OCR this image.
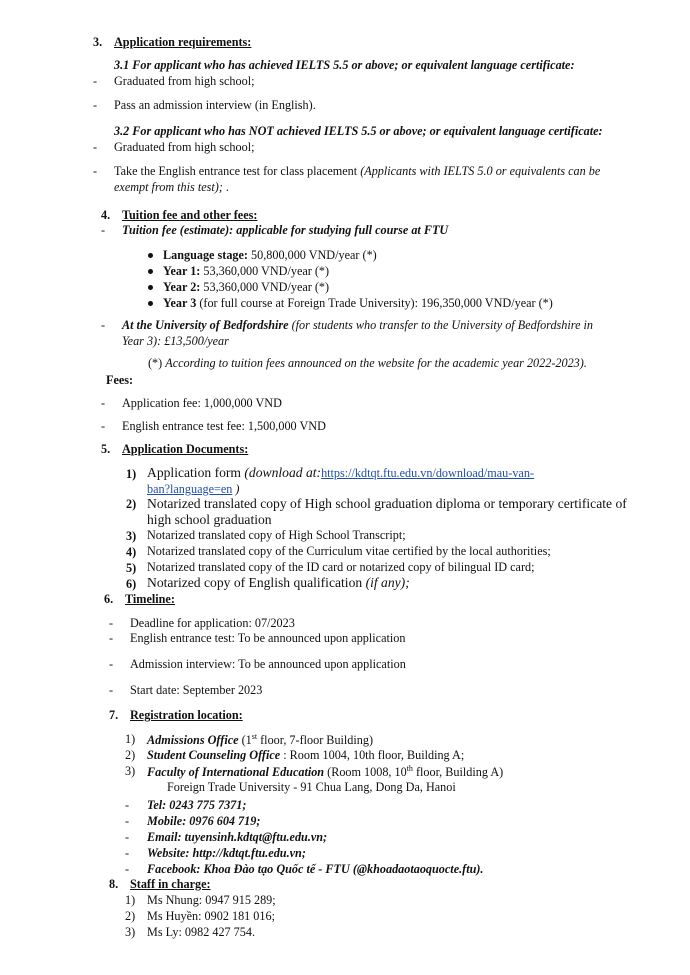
3. Application requirements:
3.1 For applicant who has achieved IELTS 5.5 or above; or equivalent language certificate:
- Graduated from high school;
- Pass an admission interview (in English).
3.2 For applicant who has NOT achieved IELTS 5.5 or above; or equivalent language certificate:
- Graduated from high school;
- Take the English entrance test for class placement (Applicants with IELTS 5.0 or equivalents can be
exempt from this test); .
4. Tuition fee and other fees:
- Tuition fee (estimate): applicable for studying full course at FTU
Language stage: 50,800,000 VND/year (*)
Year 1: 53,360,000 VND/year (*)
Year 2: 53,360,000 VND/year (*)
Year 3 (for full course at Foreign Trade University): 196,350,000 VND/year (*)
- At the University of Bedfordshire (for students who transfer to the University of Bedfordshire in
Year 3): £13,500/year
(*) According to tuition fees announced on the website for the academic year 2022-2023).
Fees:
- Application fee: 1,000,000 VND
- English entrance test fee: 1,500,000 VND
5. Application Documents:
1) Application form (download at:https://kdtqt.ftu.edu.vn/download/mau-van-
ban?language=en )
2) Notarized translated copy of High school graduation diploma or temporary certificate of
high school graduation
3) Notarized translated copy of High School Transcript;
4) Notarized translated copy of the Curriculum vitae certified by the local authorities;
5) Notarized translated copy of the ID card or notarized copy of bilingual ID card;
6) Notarized copy of English qualification (if any);
6. Timeline:
- Deadline for application: 07/2023
- English entrance test: To be announced upon application
- Admission interview: To be announced upon application
- Start date: September 2023
7. Registration location:
1) Admissions Office (1st floor, 7-floor Building)
2) Student Counseling Office : Room 1004, 10th floor, Building A;
3) Faculty of International Education (Room 1008, 10th floor, Building A)
Foreign Trade University - 91 Chua Lang, Dong Da, Hanoi
- Tel: 0243 775 7371;
- Mobile: 0976 604 719;
- Email: tuyensinh.kdtqt@ftu.edu.vn;
- Website: http://kdtqt.ftu.edu.vn;
- Facebook: Khoa Đào tạo Quốc tế - FTU (@khoadaotaoquocte.ftu).
8. Staff in charge:
1) Ms Nhung: 0947 915 289;
2) Ms Huyền: 0902 181 016;
3) Ms Ly: 0982 427 754.
